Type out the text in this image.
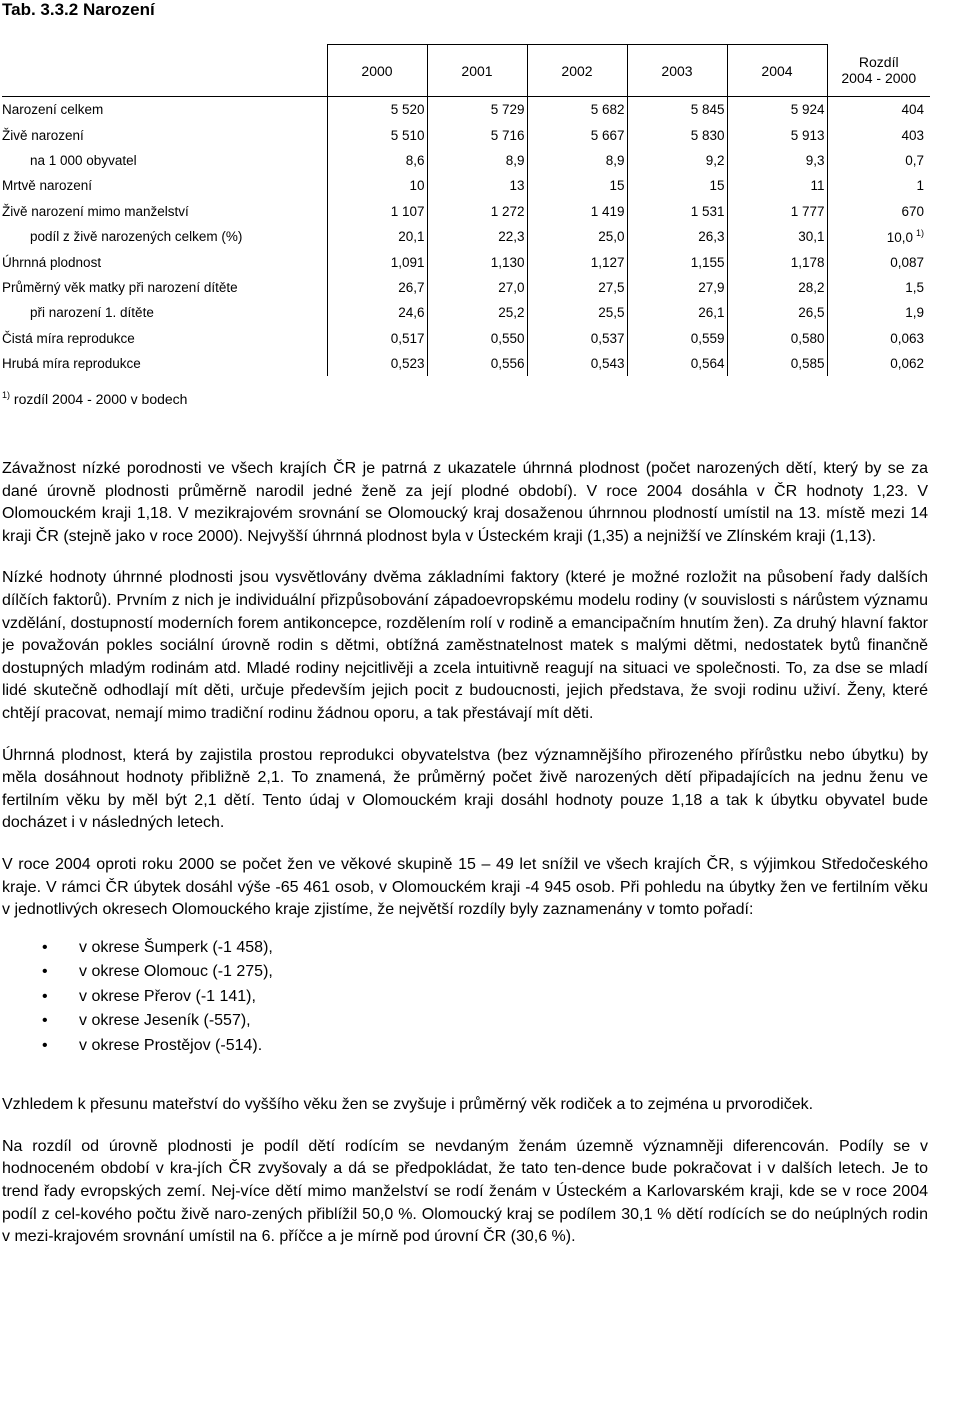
Tab. 3.3.2 Narození
	2000	2001	2002	2003	2004	Rozdíl
2004 - 2000

Narození celkem	5 520	5 729	5 682	5 845	5 924	404
Živě narození	5 510	5 716	5 667	5 830	5 913	403
na 1 000 obyvatel	8,6	8,9	8,9	9,2	9,3	0,7
Mrtvě narození	10	13	15	15	11	1
Živě narození mimo manželství	1 107	1 272	1 419	1 531	1 777	670
podíl z živě narozených celkem (%)	20,1	22,3	25,0	26,3	30,1	10,0 $^{1)}$
Úhrnná plodnost	1,091	1,130	1,127	1,155	1,178	0,087
Průměrný věk matky při narození dítěte	26,7	27,0	27,5	27,9	28,2	1,5
při narození 1. dítěte	24,6	25,2	25,5	26,1	26,5	1,9
Čistá míra reprodukce	0,517	0,550	0,537	0,559	0,580	0,063
Hrubá míra reprodukce	0,523	0,556	0,543	0,564	0,585	0,062
$^{1)}$ rozdíl 2004 - 2000 v bodech

Závažnost nízké porodnosti ve všech krajích ČR je patrná z ukazatele úhrnná plodnost (počet narozených dětí, který by se za dané úrovně plodnosti průměrně narodil jedné ženě za její plodné období). V roce 2004 dosáhla v ČR hodnoty 1,23. V Olomouckém kraji 1,18. V mezikrajovém srovnání se Olomoucký kraj dosaženou úhrnnou plodností umístil na 13. místě mezi 14 kraji ČR (stejně jako v roce 2000). Nejvyšší úhrnná plodnost byla v Ústeckém kraji (1,35) a nejnižší ve Zlínském kraji (1,13).

Nízké hodnoty úhrnné plodnosti jsou vysvětlovány dvěma základními faktory (které je možné rozložit na působení řady dalších dílčích faktorů). Prvním z nich je individuální přizpůsobování západoevropskému modelu rodiny (v souvislosti s nárůstem významu vzdělání, dostupností moderních forem antikoncepce, rozdělením rolí v rodině a emancipačním hnutím žen). Za druhý hlavní faktor je považován pokles sociální úrovně rodin s dětmi, obtížná zaměstnatelnost matek s malými dětmi, nedostatek bytů finančně dostupných mladým rodinám atd. Mladé rodiny nejcitlivěji a zcela intuitivně reagují na situaci ve společnosti. To, za dse se mladí lidé skutečně odhodlají mít děti, určuje především jejich pocit z budoucnosti, jejich představa, že svoji rodinu uživí. Ženy, které chtějí pracovat, nemají mimo tradiční rodinu žádnou oporu, a tak přestávají mít děti.

Úhrnná plodnost, která by zajistila prostou reprodukci obyvatelstva (bez významnějšího přirozeného přírůstku nebo úbytku) by měla dosáhnout hodnoty přibližně 2,1. To znamená, že průměrný počet živě narozených dětí připadajících na jednu ženu ve fertilním věku by měl být 2,1 dětí. Tento údaj v Olomouckém kraji dosáhl hodnoty pouze 1,18 a tak k úbytku obyvatel bude docházet i v následných letech.

V roce 2004 oproti roku 2000 se počet žen ve věkové skupině 15 – 49 let snížil ve všech krajích ČR, s výjimkou Středočeského kraje. V rámci ČR úbytek dosáhl výše -65 461 osob, v Olomouckém kraji -4 945 osob. Při pohledu na úbytky žen ve fertilním věku v jednotlivých okresech Olomouckého kraje zjistíme, že největší rozdíly byly zaznamenány v tomto pořadí:

• v okrese Šumperk (-1 458),
• v okrese Olomouc (-1 275),
• v okrese Přerov (-1 141),
• v okrese Jeseník (-557),
• v okrese Prostějov (-514).

Vzhledem k přesunu mateřství do vyššího věku žen se zvyšuje i průměrný věk rodiček a to zejména u prvorodiček.

Na rozdíl od úrovně plodnosti je podíl dětí rodícím se nevdaným ženám územně významněji diferencován. Podíly se v hodnoceném období v kra-jích ČR zvyšovaly a dá se předpokládat, že tato ten-dence bude pokračovat i v dalších letech. Je to trend řady evropských zemí. Nej-více dětí mimo manželství se rodí ženám v Ústeckém a Karlovarském kraji, kde se v roce 2004 podíl z cel-kového počtu živě naro-zených přiblížil 50,0 %. Olomoucký kraj se podílem 30,1 % dětí rodících se do neúplných rodin v mezi-krajovém srovnání umístil na 6. příčce a je mírně pod úrovní ČR (30,6 %).
